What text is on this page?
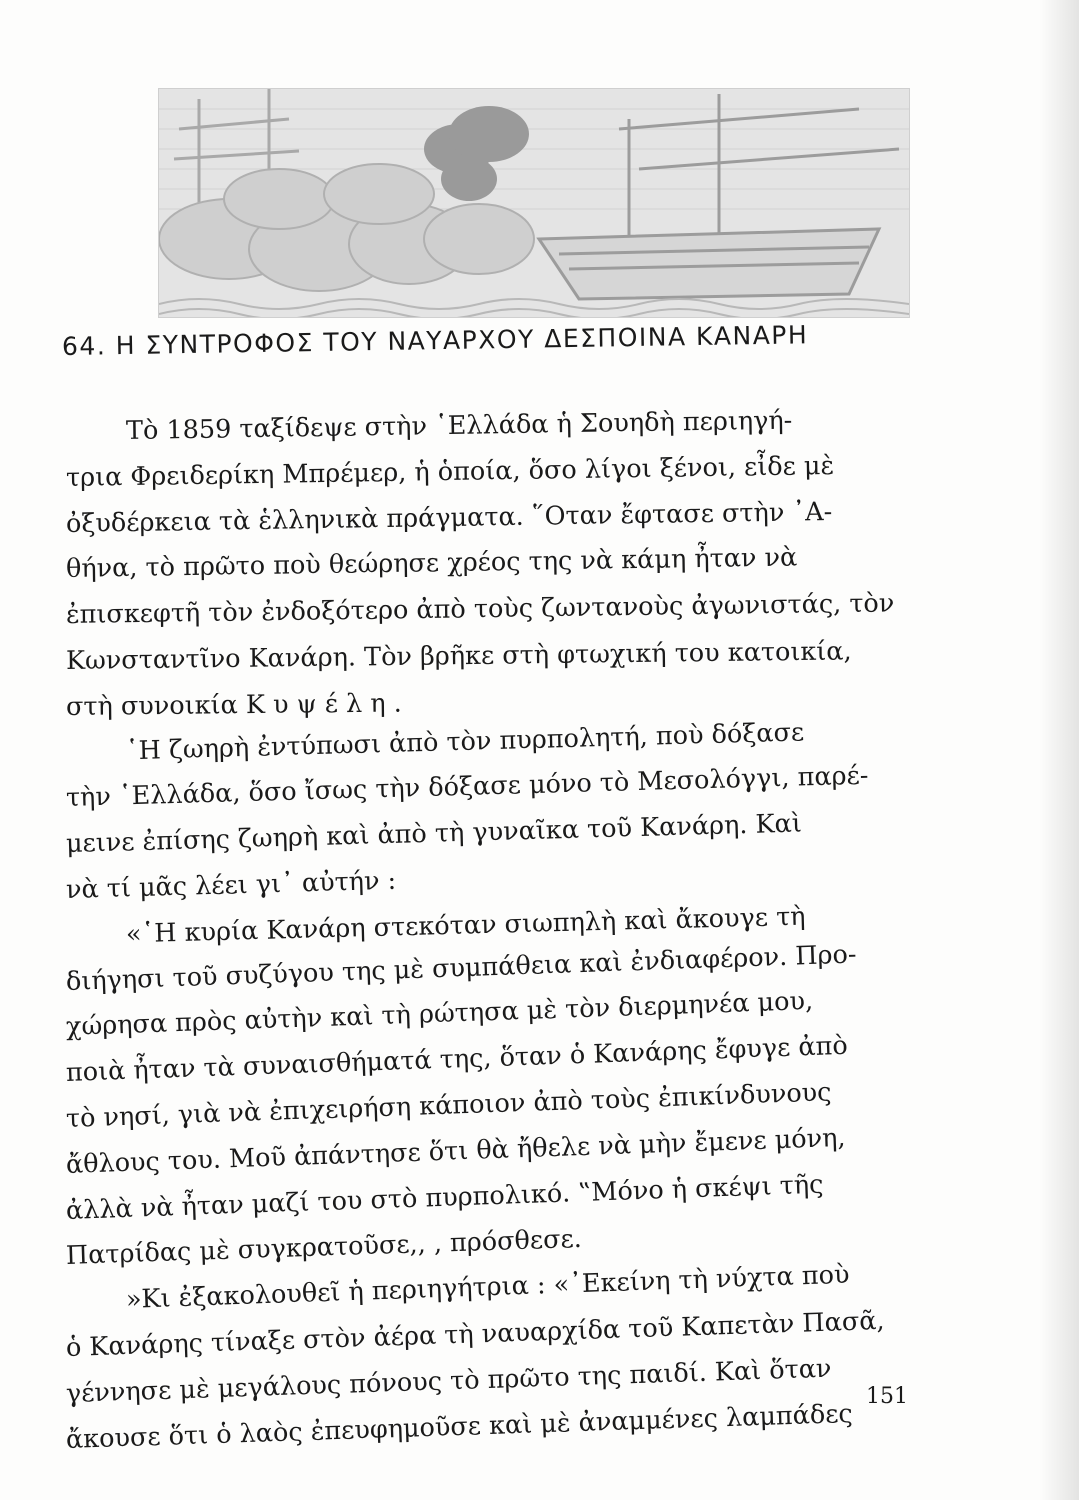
64. Η ΣΥΝΤΡΟΦΟΣ ΤΟΥ ΝΑΥΑΡΧΟΥ ΔΕΣΠΟΙΝΑ ΚΑΝΑΡΗ
Τὸ 1859 ταξίδεψε στὴν ῾Ελλάδα ἡ Σουηδὴ περιηγή-
τρια Φρειδερίκη Μπρέμερ, ἡ ὁποία, ὅσο λίγοι ξένοι, εἶδε μὲ
ὀξυδέρκεια τὰ ἑλληνικὰ πράγματα. ῞Οταν ἔφτασε στὴν ᾿Α-
θήνα, τὸ πρῶτο ποὺ θεώρησε χρέος της νὰ κάμη ἦταν νὰ
ἐπισκεφτῆ τὸν ἐνδοξότερο ἀπὸ τοὺς ζωντανοὺς ἀγωνιστάς, τὸν
Κωνσταντῖνο Κανάρη. Τὸν βρῆκε στὴ φτωχική του κατοικία,
στὴ συνοικία Κ υ ψ έ λ η .
῾Η ζωηρὴ ἐντύπωσι ἀπὸ τὸν πυρπολητή, ποὺ δόξασε
τὴν ῾Ελλάδα, ὅσο ἴσως τὴν δόξασε μόνο τὸ Μεσολόγγι, παρέ-
μεινε ἐπίσης ζωηρὴ καὶ ἀπὸ τὴ γυναῖκα τοῦ Κανάρη. Καὶ
νὰ τί μᾶς λέει γι᾿ αὐτήν :
«῾Η κυρία Κανάρη στεκόταν σιωπηλὴ καὶ ἄκουγε τὴ
διήγησι τοῦ συζύγου της μὲ συμπάθεια καὶ ἐνδιαφέρον. Προ-
χώρησα πρὸς αὐτὴν καὶ τὴ ρώτησα μὲ τὸν διερμηνέα μου,
ποιὰ ἦταν τὰ συναισθήματά της, ὅταν ὁ Κανάρης ἔφυγε ἀπὸ
τὸ νησί, γιὰ νὰ ἐπιχειρήση κάποιον ἀπὸ τοὺς ἐπικίνδυνους
ἄθλους του. Μοῦ ἀπάντησε ὅτι θὰ ἤθελε νὰ μὴν ἔμενε μόνη,
ἀλλὰ νὰ ἦταν μαζί του στὸ πυρπολικό. ‟Μόνο ἡ σκέψι τῆς
Πατρίδας μὲ συγκρατοῦσε,, , πρόσθεσε.
»Κι ἐξακολουθεῖ ἡ περιηγήτρια : «᾿Εκείνη τὴ νύχτα ποὺ
ὁ Κανάρης τίναξε στὸν ἀέρα τὴ ναυαρχίδα τοῦ Καπετὰν Πασᾶ,
γέννησε μὲ μεγάλους πόνους τὸ πρῶτο της παιδί. Καὶ ὅταν
ἄκουσε ὅτι ὁ λαὸς ἐπευφημοῦσε καὶ μὲ ἀναμμένες λαμπάδες
151
